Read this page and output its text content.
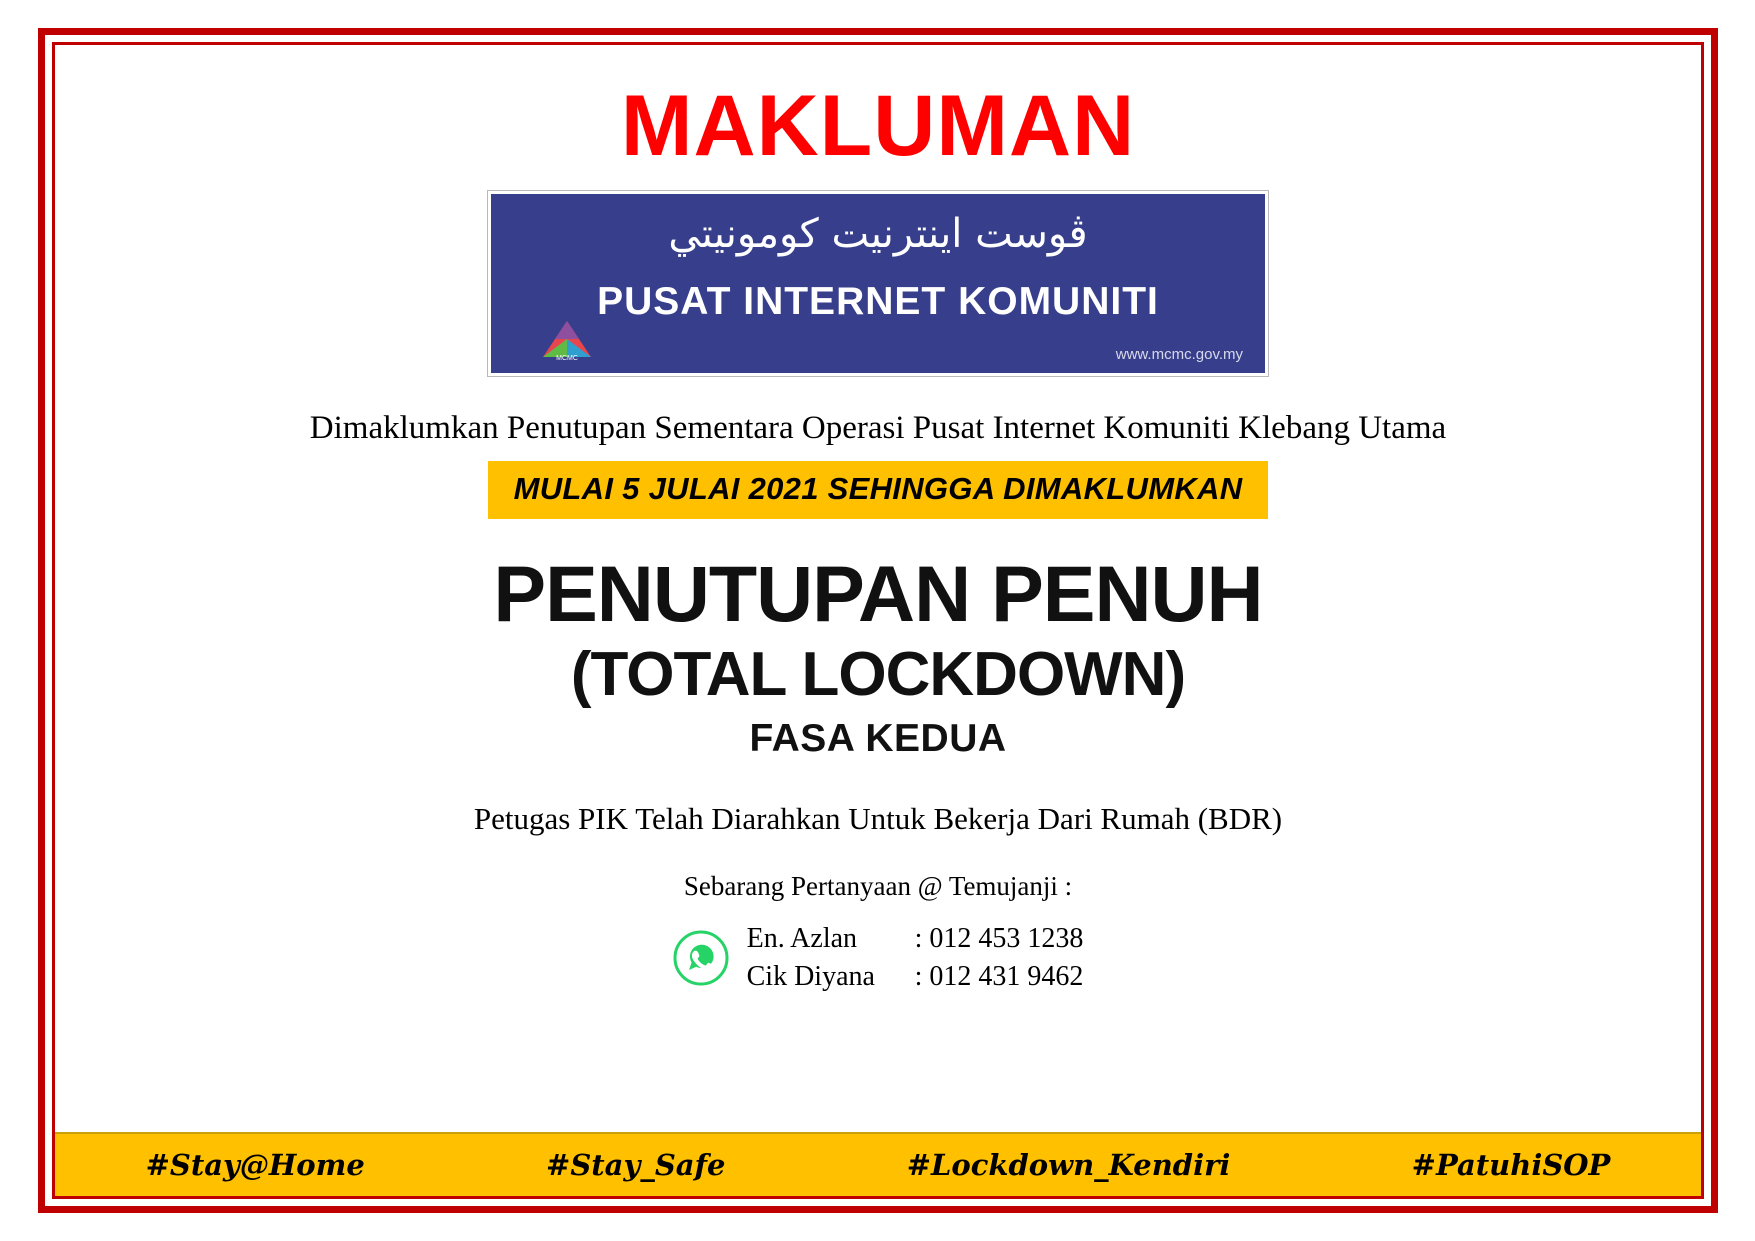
MAKLUMAN
ڤوست اينترنيت كومونيتي
PUSAT INTERNET KOMUNITI
www.mcmc.gov.my
MCMC
Dimaklumkan Penutupan Sementara Operasi Pusat Internet Komuniti Klebang Utama
MULAI 5 JULAI 2021 SEHINGGA DIMAKLUMKAN
PENUTUPAN PENUH
(TOTAL LOCKDOWN)
FASA KEDUA
Petugas PIK Telah Diarahkan Untuk Bekerja Dari Rumah (BDR)
Sebarang Pertanyaan @ Temujanji :
En. Azlan	: 012 453 1238
Cik Diyana	: 012 431 9462
#Stay@Home	#Stay_Safe	#Lockdown_Kendiri	#PatuhiSOP
